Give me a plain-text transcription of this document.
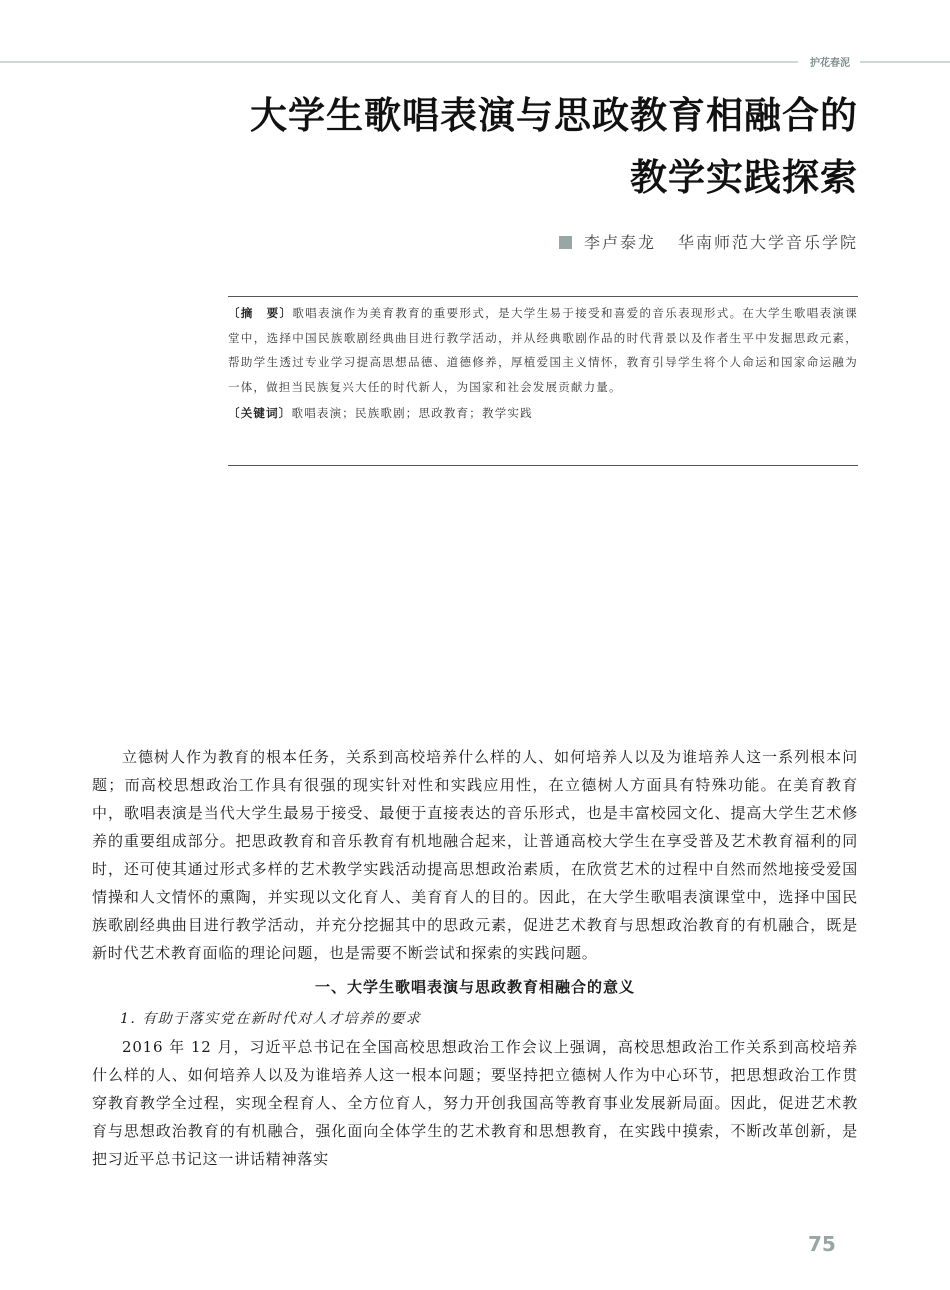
护花春泥
大学生歌唱表演与思政教育相融合的
教学实践探索
李卢泰龙 华南师范大学音乐学院

〔摘　要〕歌唱表演作为美育教育的重要形式，是大学生易于接受和喜爱的音乐表现形式。在大学生歌唱表演课堂中，选择中国民族歌剧经典曲目进行教学活动，并从经典歌剧作品的时代背景以及作者生平中发掘思政元素，帮助学生透过专业学习提高思想品德、道德修养，厚植爱国主义情怀，教育引导学生将个人命运和国家命运融为一体，做担当民族复兴大任的时代新人，为国家和社会发展贡献力量。

〔关键词〕歌唱表演；民族歌剧；思政教育；教学实践

立德树人作为教育的根本任务，关系到高校培养什么样的人、如何培养人以及为谁培养人这一系列根本问题；而高校思想政治工作具有很强的现实针对性和实践应用性，在立德树人方面具有特殊功能。在美育教育中，歌唱表演是当代大学生最易于接受、最便于直接表达的音乐形式，也是丰富校园文化、提高大学生艺术修养的重要组成部分。把思政教育和音乐教育有机地融合起来，让普通高校大学生在享受普及艺术教育福利的同时，还可使其通过形式多样的艺术教学实践活动提高思想政治素质，在欣赏艺术的过程中自然而然地接受爱国情操和人文情怀的熏陶，并实现以文化育人、美育育人的目的。因此，在大学生歌唱表演课堂中，选择中国民族歌剧经典曲目进行教学活动，并充分挖掘其中的思政元素，促进艺术教育与思想政治教育的有机融合，既是新时代艺术教育面临的理论问题，也是需要不断尝试和探索的实践问题。

一、大学生歌唱表演与思政教育相融合的意义
1. 有助于落实党在新时代对人才培养的要求

2016 年 12 月，习近平总书记在全国高校思想政治工作会议上强调，高校思想政治工作关系到高校培养什么样的人、如何培养人以及为谁培养人这一根本问题；要坚持把立德树人作为中心环节，把思想政治工作贯穿教育教学全过程，实现全程育人、全方位育人，努力开创我国高等教育事业发展新局面。因此，促进艺术教育与思想政治教育的有机融合，强化面向全体学生的艺术教育和思想教育，在实践中摸索，不断改革创新，是把习近平总书记这一讲话精神落实

75
